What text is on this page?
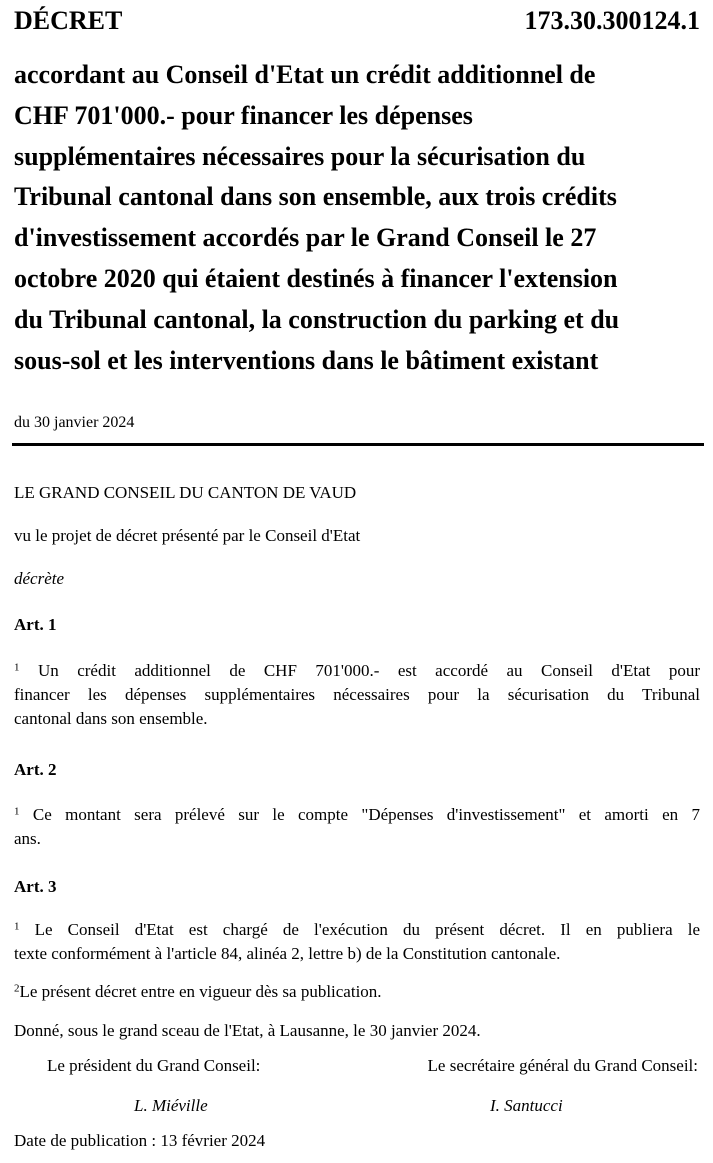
DÉCRET	173.30.300124.1
accordant au Conseil d'Etat un crédit additionnel de
CHF 701'000.- pour financer les dépenses
supplémentaires nécessaires pour la sécurisation du
Tribunal cantonal dans son ensemble, aux trois crédits
d'investissement accordés par le Grand Conseil le 27
octobre 2020 qui étaient destinés à financer l'extension
du Tribunal cantonal, la construction du parking et du
sous-sol et les interventions dans le bâtiment existant
du 30 janvier 2024
LE GRAND CONSEIL DU CANTON DE VAUD
vu le projet de décret présenté par le Conseil d'Etat
décrète
Art. 1
$^1$ Un crédit additionnel de CHF 701'000.- est accordé au Conseil d'Etat pour
financer les dépenses supplémentaires nécessaires pour la sécurisation du Tribunal
cantonal dans son ensemble.
Art. 2
$^1$ Ce montant sera prélevé sur le compte "Dépenses d'investissement" et amorti en 7
ans.
Art. 3
$^1$ Le Conseil d'Etat est chargé de l'exécution du présent décret. Il en publiera le
texte conformément à l'article 84, alinéa 2, lettre b) de la Constitution cantonale.
$^2$Le présent décret entre en vigueur dès sa publication.
Donné, sous le grand sceau de l'Etat, à Lausanne, le 30 janvier 2024.
Le président du Grand Conseil:	Le secrétaire général du Grand Conseil:
L. Miéville	I. Santucci
Date de publication : 13 février 2024
